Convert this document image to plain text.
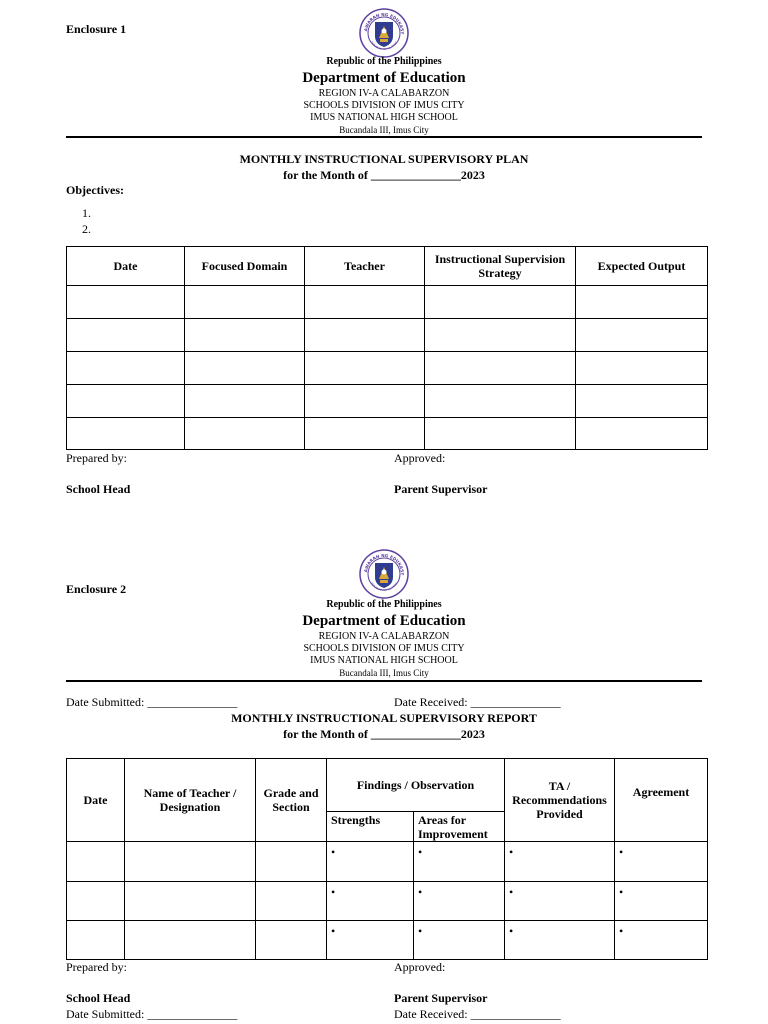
Enclosure 1	AWARAN NG EDUKASY
REPUBLIKA NG PILIPINAS
Republic of the Philippines
Department of Education
REGION IV-A CALABARZON
SCHOOLS DIVISION OF IMUS CITY
IMUS NATIONAL HIGH SCHOOL
Bucandala III, Imus City
MONTHLY INSTRUCTIONAL SUPERVISORY PLAN
for the Month of _______________2023
Objectives:
1.
2.
Date	Focused Domain	Teacher	Instructional Supervision Strategy	Expected Output

Prepared by:	Approved:
School Head	Parent Supervisor
Enclosure 2
AWARAN NG EDUKASY
REPUBLIKA NG PILIPINAS
Republic of the Philippines
Department of Education
REGION IV-A CALABARZON
SCHOOLS DIVISION OF IMUS CITY
IMUS NATIONAL HIGH SCHOOL
Bucandala III, Imus City
Date Submitted: _______________	Date Received: _______________
MONTHLY INSTRUCTIONAL SUPERVISORY REPORT
for the Month of _______________2023
Date	Name of Teacher / Designation	Grade and Section	Findings / Observation		TA / Recommendations Provided	Agreement
			Strengths	Areas for Improvement		
			•	•	•	•
			•	•	•	•
			•	•	•	•
Prepared by:	Approved:
School Head	Parent Supervisor
Date Submitted: _______________	Date Received: _______________
